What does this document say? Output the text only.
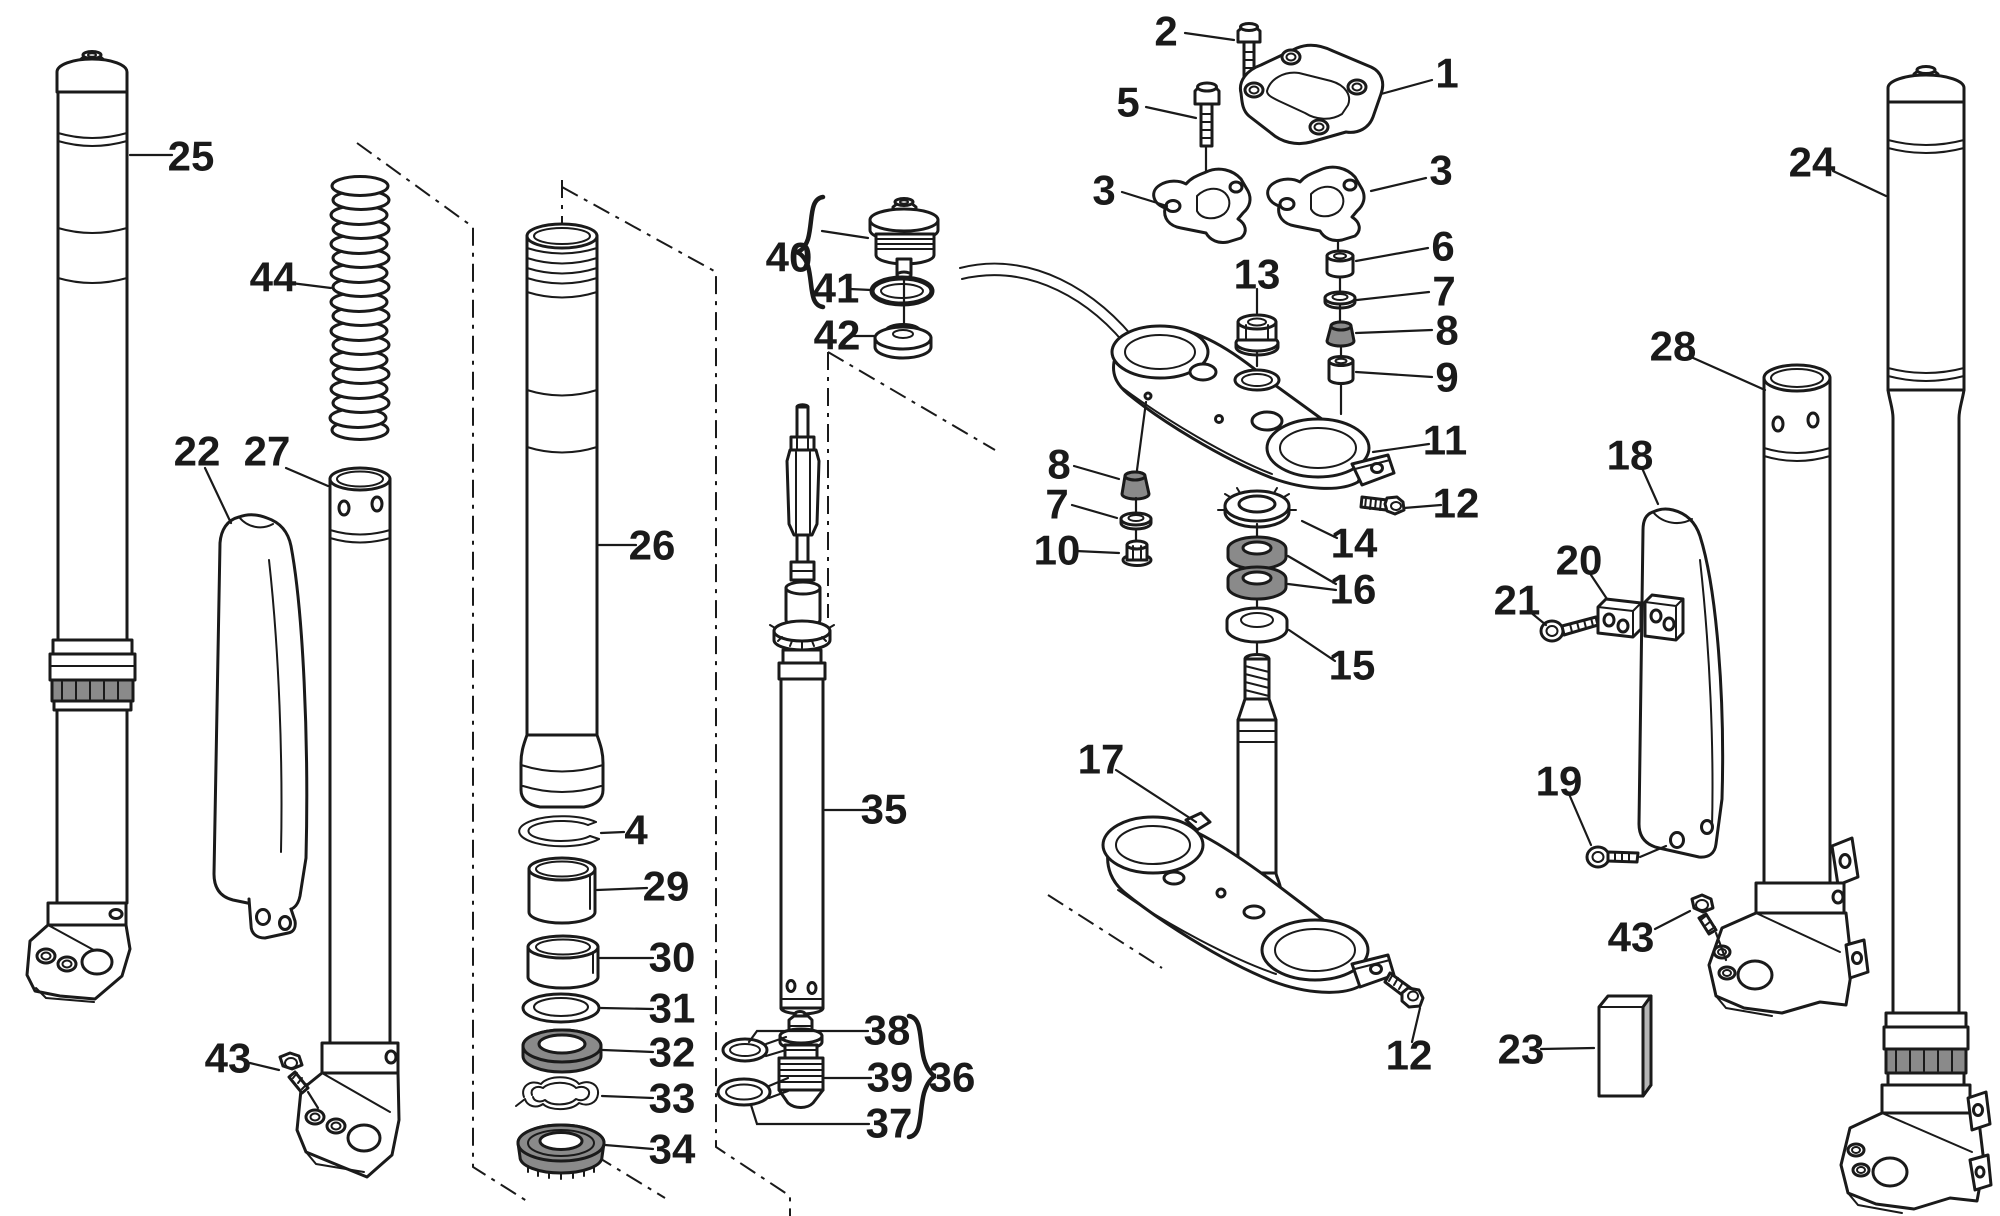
25
44
22 27
43
26
4
29
30
31
32
33
34
40
41
42
35
38
39
37
36
2
5
3
1
3
6
7
8
9
13
11
12
14
16
15
8
7
10
17
12
24
28
18
20
21
19
43
23
